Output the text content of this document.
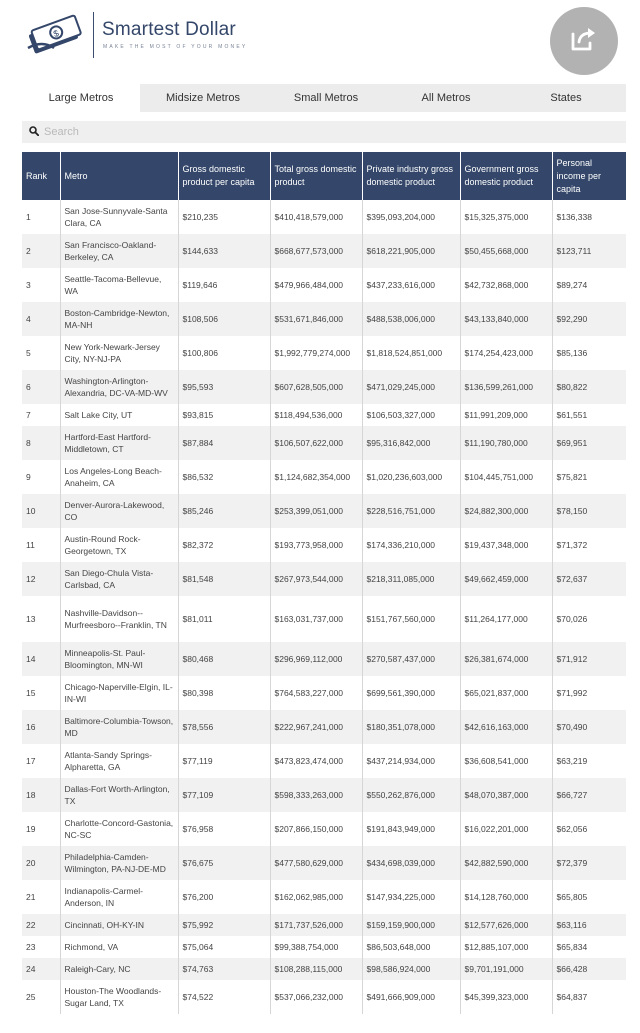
$ Smartest Dollar
MAKE THE MOST OF YOUR MONEY
Large Metros	Midsize Metros	Small Metros	All Metros	States
Search
Rank	Metro	Gross domestic product per capita	Total gross domestic product	Private industry gross domestic product	Government gross domestic product	Personal income per capita
1	San Jose-Sunnyvale-Santa Clara, CA	$210,235	$410,418,579,000	$395,093,204,000	$15,325,375,000	$136,338
2	San Francisco-Oakland-Berkeley, CA	$144,633	$668,677,573,000	$618,221,905,000	$50,455,668,000	$123,711
3	Seattle-Tacoma-Bellevue, WA	$119,646	$479,966,484,000	$437,233,616,000	$42,732,868,000	$89,274
4	Boston-Cambridge-Newton, MA-NH	$108,506	$531,671,846,000	$488,538,006,000	$43,133,840,000	$92,290
5	New York-Newark-Jersey City, NY-NJ-PA	$100,806	$1,992,779,274,000	$1,818,524,851,000	$174,254,423,000	$85,136
6	Washington-Arlington-Alexandria, DC-VA-MD-WV	$95,593	$607,628,505,000	$471,029,245,000	$136,599,261,000	$80,822
7	Salt Lake City, UT	$93,815	$118,494,536,000	$106,503,327,000	$11,991,209,000	$61,551
8	Hartford-East Hartford-Middletown, CT	$87,884	$106,507,622,000	$95,316,842,000	$11,190,780,000	$69,951
9	Los Angeles-Long Beach-Anaheim, CA	$86,532	$1,124,682,354,000	$1,020,236,603,000	$104,445,751,000	$75,821
10	Denver-Aurora-Lakewood, CO	$85,246	$253,399,051,000	$228,516,751,000	$24,882,300,000	$78,150
11	Austin-Round Rock-Georgetown, TX	$82,372	$193,773,958,000	$174,336,210,000	$19,437,348,000	$71,372
12	San Diego-Chula Vista-Carlsbad, CA	$81,548	$267,973,544,000	$218,311,085,000	$49,662,459,000	$72,637
13	Nashville-Davidson--Murfreesboro--Franklin, TN	$81,011	$163,031,737,000	$151,767,560,000	$11,264,177,000	$70,026
14	Minneapolis-St. Paul-Bloomington, MN-WI	$80,468	$296,969,112,000	$270,587,437,000	$26,381,674,000	$71,912
15	Chicago-Naperville-Elgin, IL-IN-WI	$80,398	$764,583,227,000	$699,561,390,000	$65,021,837,000	$71,992
16	Baltimore-Columbia-Towson, MD	$78,556	$222,967,241,000	$180,351,078,000	$42,616,163,000	$70,490
17	Atlanta-Sandy Springs-Alpharetta, GA	$77,119	$473,823,474,000	$437,214,934,000	$36,608,541,000	$63,219
18	Dallas-Fort Worth-Arlington, TX	$77,109	$598,333,263,000	$550,262,876,000	$48,070,387,000	$66,727
19	Charlotte-Concord-Gastonia, NC-SC	$76,958	$207,866,150,000	$191,843,949,000	$16,022,201,000	$62,056
20	Philadelphia-Camden-Wilmington, PA-NJ-DE-MD	$76,675	$477,580,629,000	$434,698,039,000	$42,882,590,000	$72,379
21	Indianapolis-Carmel-Anderson, IN	$76,200	$162,062,985,000	$147,934,225,000	$14,128,760,000	$65,805
22	Cincinnati, OH-KY-IN	$75,992	$171,737,526,000	$159,159,900,000	$12,577,626,000	$63,116
23	Richmond, VA	$75,064	$99,388,754,000	$86,503,648,000	$12,885,107,000	$65,834
24	Raleigh-Cary, NC	$74,763	$108,288,115,000	$98,586,924,000	$9,701,191,000	$66,428
25	Houston-The Woodlands-Sugar Land, TX	$74,522	$537,066,232,000	$491,666,909,000	$45,399,323,000	$64,837
